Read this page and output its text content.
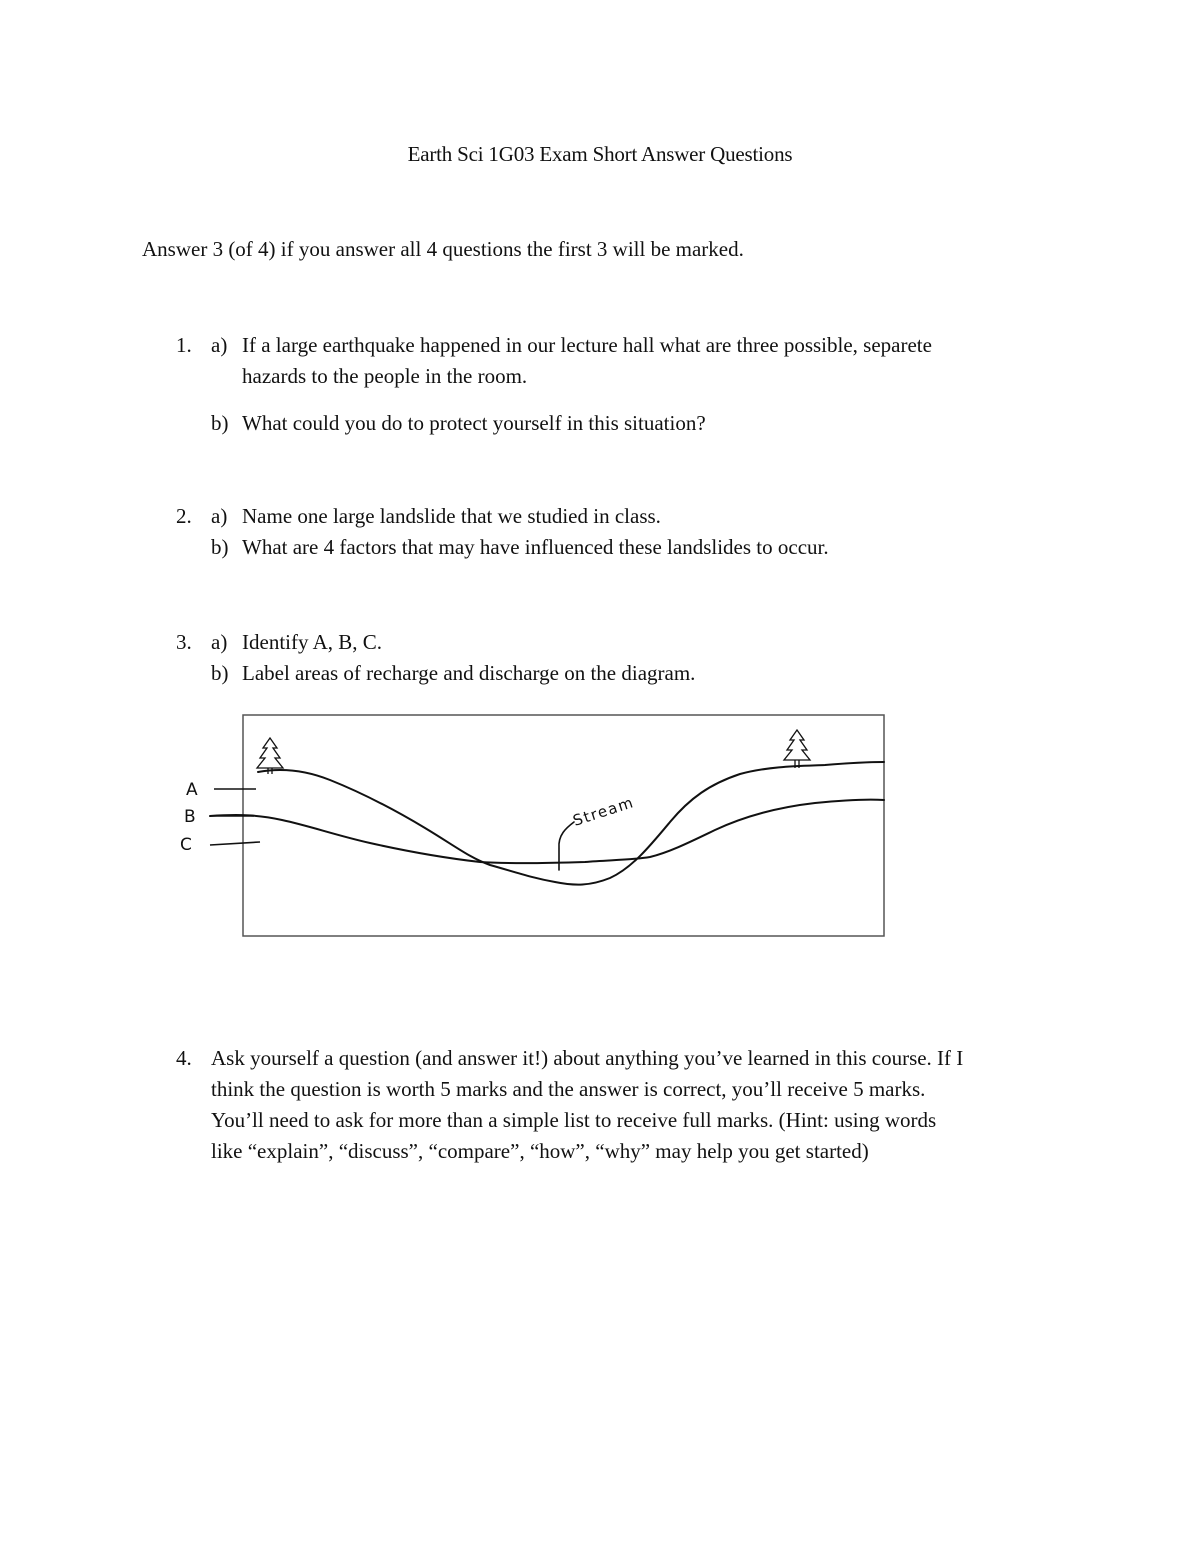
Earth Sci 1G03 Exam Short Answer Questions
Answer 3 (of 4) if you answer all 4 questions the first 3 will be marked.
1. a) If a large earthquake happened in our lecture hall what are three possible, separete
hazards to the people in the room.
b) What could you do to protect yourself in this situation?
2. a) Name one large landslide that we studied in class.
b) What are 4 factors that may have influenced these landslides to occur.
3. a) Identify A, B, C.
b) Label areas of recharge and discharge on the diagram.
A
B
C
Stream
4. Ask yourself a question (and answer it!) about anything you’ve learned in this course. If I
think the question is worth 5 marks and the answer is correct, you’ll receive 5 marks.
You’ll need to ask for more than a simple list to receive full marks. (Hint: using words
like “explain”, “discuss”, “compare”, “how”, “why” may help you get started)
